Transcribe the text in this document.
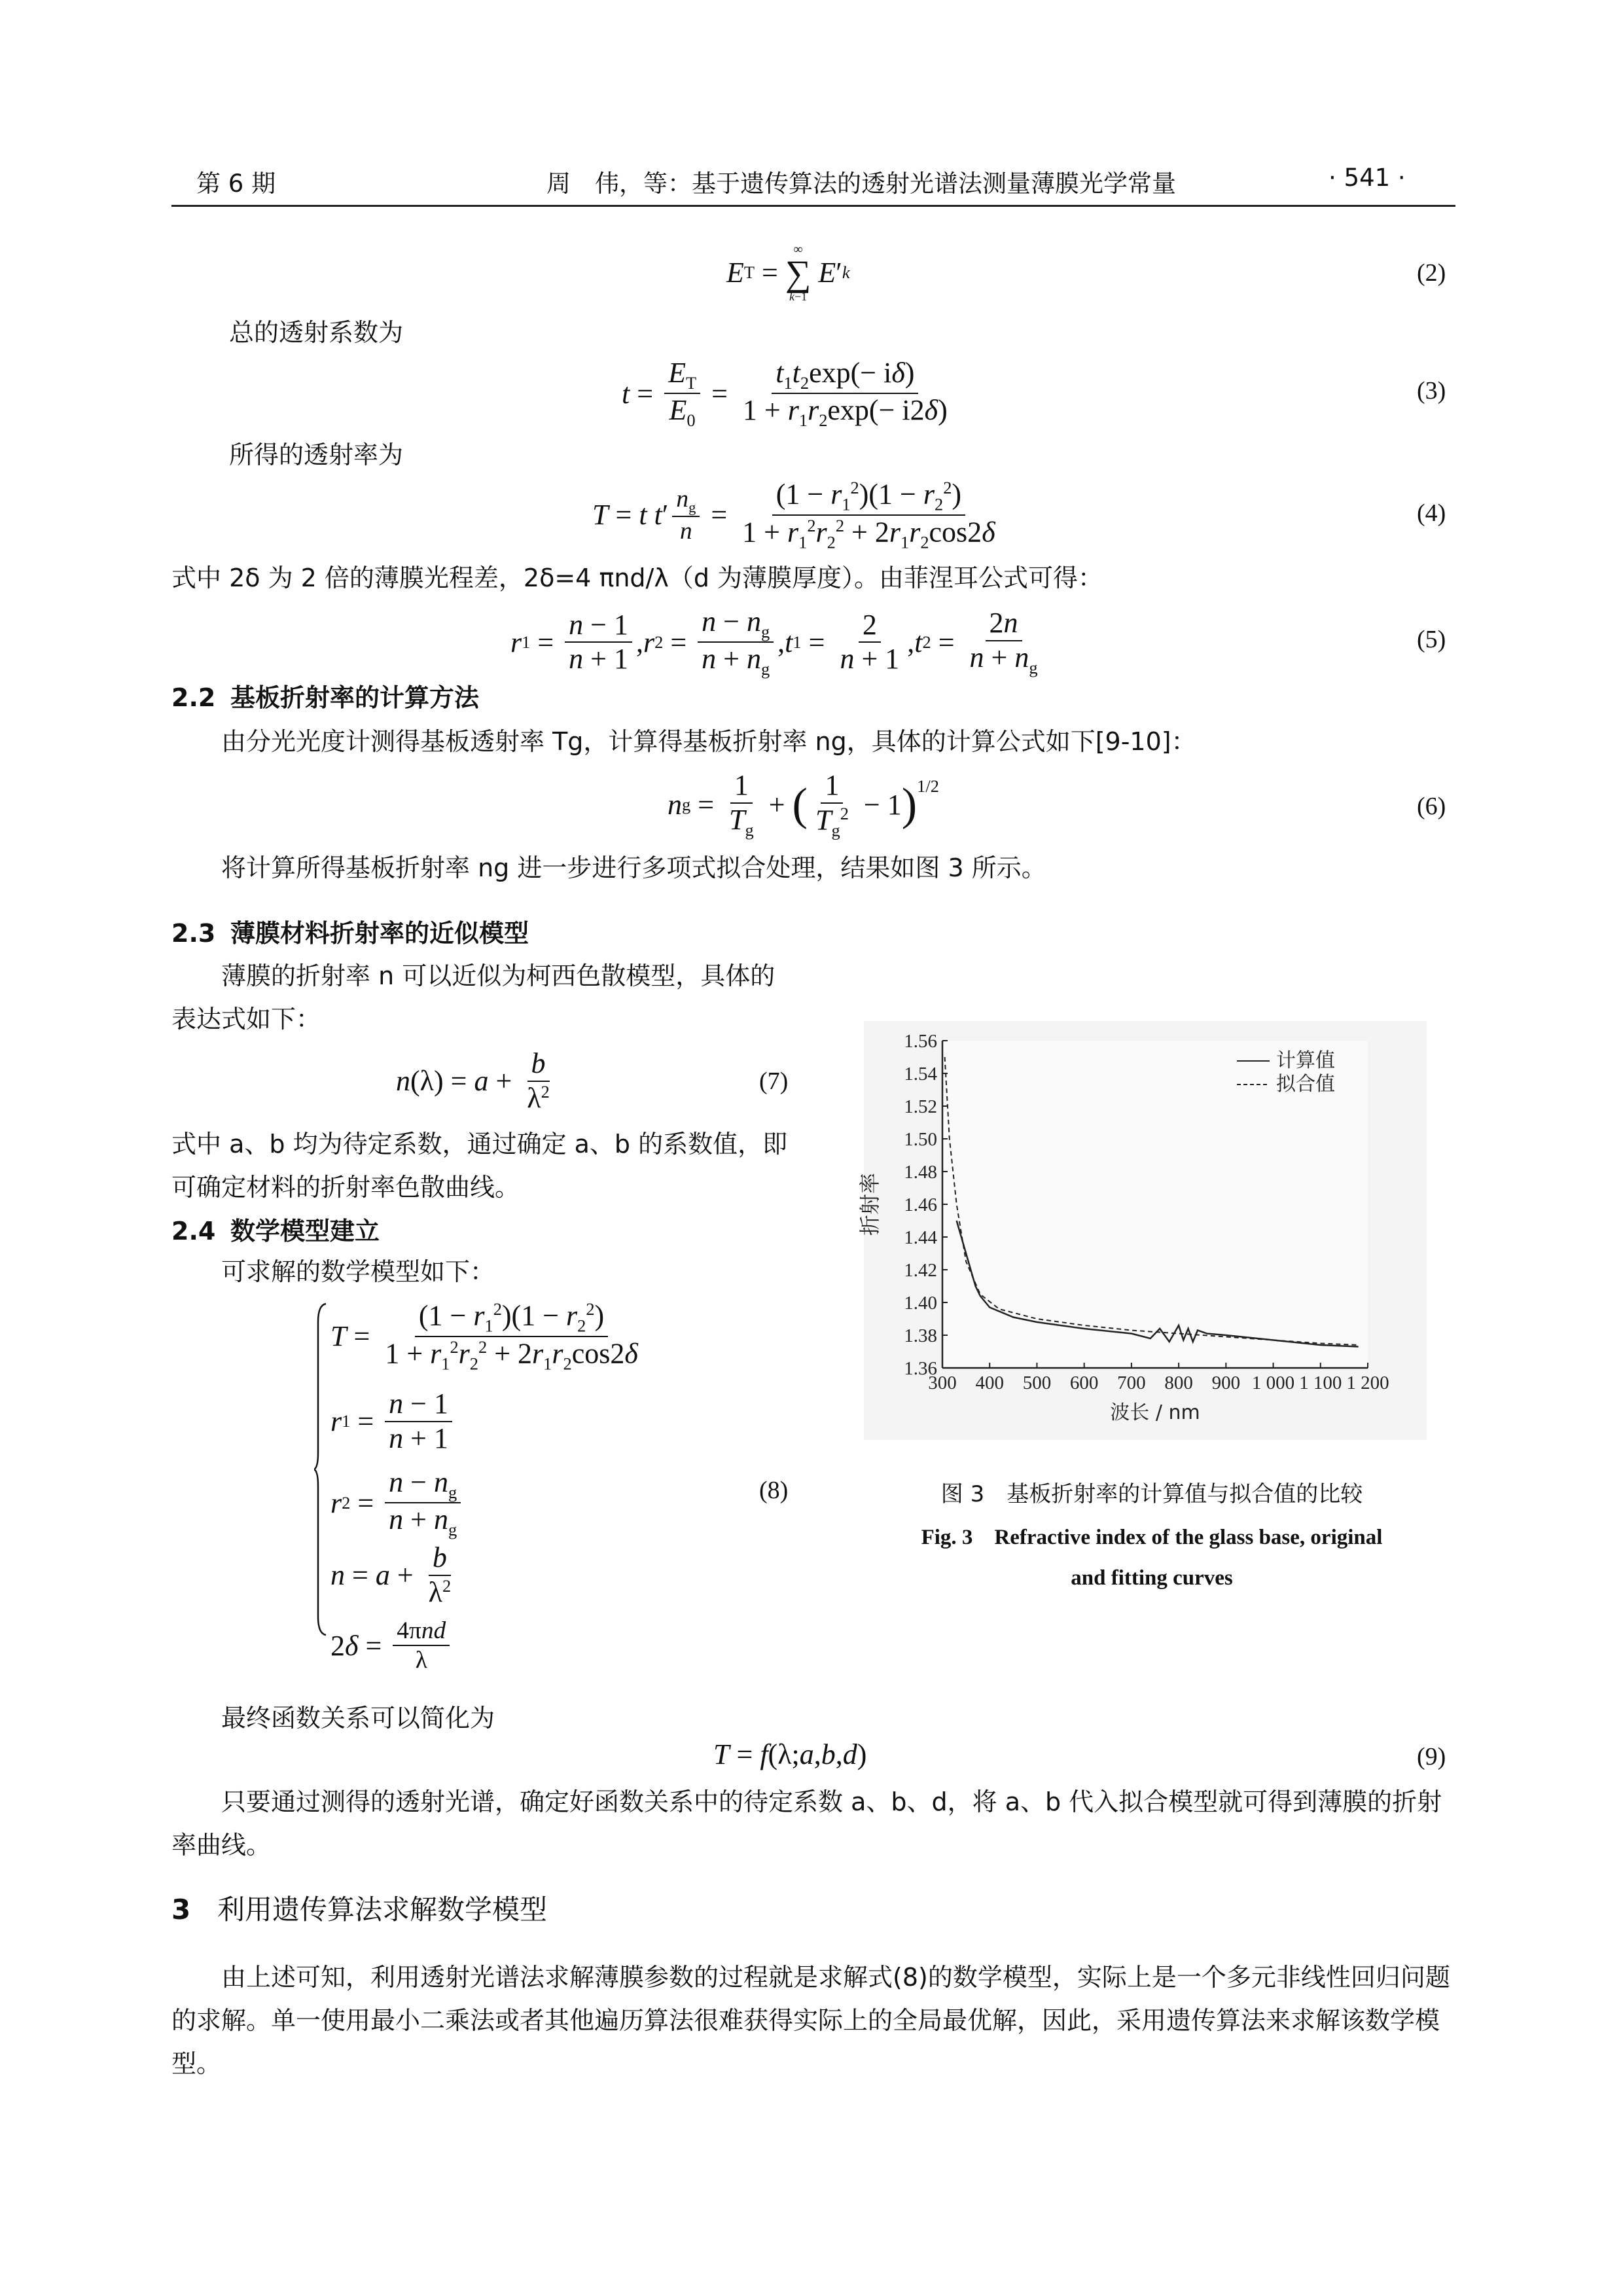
第 6 期	周　伟，等：基于遗传算法的透射光谱法测量薄膜光学常量	· 541 ·
E T =
∞
∑
k−1

E ′ k	(2)
总的透射系数为
$t = \frac{E_T}{E_0} = \frac{t_1t_2\exp(- i\delta)}{1 + r_1r_2\exp(- i2\delta)}$	(3)
所得的透射率为
T = t
t ′ $\frac{n_g}{n} = \frac{(1 - r_1^2)(1 - r_2^2)}{1 + r_1^2r_2^2 + 2r_1r_2\cos 2\delta}$	(4)
式中 2δ 为 2 倍的薄膜光程差，2δ=4 πnd/λ（d 为薄膜厚度）。由菲涅耳公式可得：
r $1 = \frac{n - 1}{n + 1}$ , r $2 = \frac{n - n_g}{n + n_g}$ , t $1 = \frac{2}{n + 1}$ , t $2 = \frac{2n}{n + n_g}$	(5)
2.2 基板折射率的计算方法
由分光光度计测得基板透射率 Tg，计算得基板折射率 ng，具体的计算公式如下[9-10]：
n $g = \frac{1}{T_g}$ + ( $\frac{1}{T_g^2} - 1$ )$^{1/2}$
(6)
将计算所得基板折射率 ng 进一步进行多项式拟合处理，结果如图 3 所示。
2.3 薄膜材料折射率的近似模型
薄膜的折射率 n 可以近似为柯西色散模型，具体的表达式如下：
n $(\lambda) = a + \frac{b}{\lambda^2}$	(7)
式中 a、b 均为待定系数，通过确定 a、b 的系数值，即可确定材料的折射率色散曲线。
2.4 数学模型建立
可求解的数学模型如下：
$T = \frac{(1 - r_1^2)(1 - r_2^2)}{1 + r_1^2r_2^2 + 2r_1r_2\cos 2\delta}$
r $1 = \frac{n - 1}{n + 1}$
r $2 = \frac{n - n_g}{n + n_g}$
$n = a + \frac{b}{\lambda^2}$
2 $\delta = \frac{\text{4πnd}}{\lambda}$
(8)
300 400 500 600 700 800 900 1 000 1 100 1 200
1.36
1.38
1.40
1.42
1.44
1.46
1.48
1.50
1.52
1.54
1.56
波长 / nm
折射率
计算值
拟合值
图 3　基板折射率的计算值与拟合值的比较
Fig. 3　Refractive index of the glass base, original
and fitting curves
最终函数关系可以简化为
T = f (λ; a , b , d )	(9)
只要通过测得的透射光谱，确定好函数关系中的待定系数 a、b、d，将 a、b 代入拟合模型就可得到薄膜的折射率曲线。
3 利用遗传算法求解数学模型
由上述可知，利用透射光谱法求解薄膜参数的过程就是求解式(8)的数学模型，实际上是一个多元非线性回归问题的求解。单一使用最小二乘法或者其他遍历算法很难获得实际上的全局最优解，因此，采用遗传算法来求解该数学模型。
